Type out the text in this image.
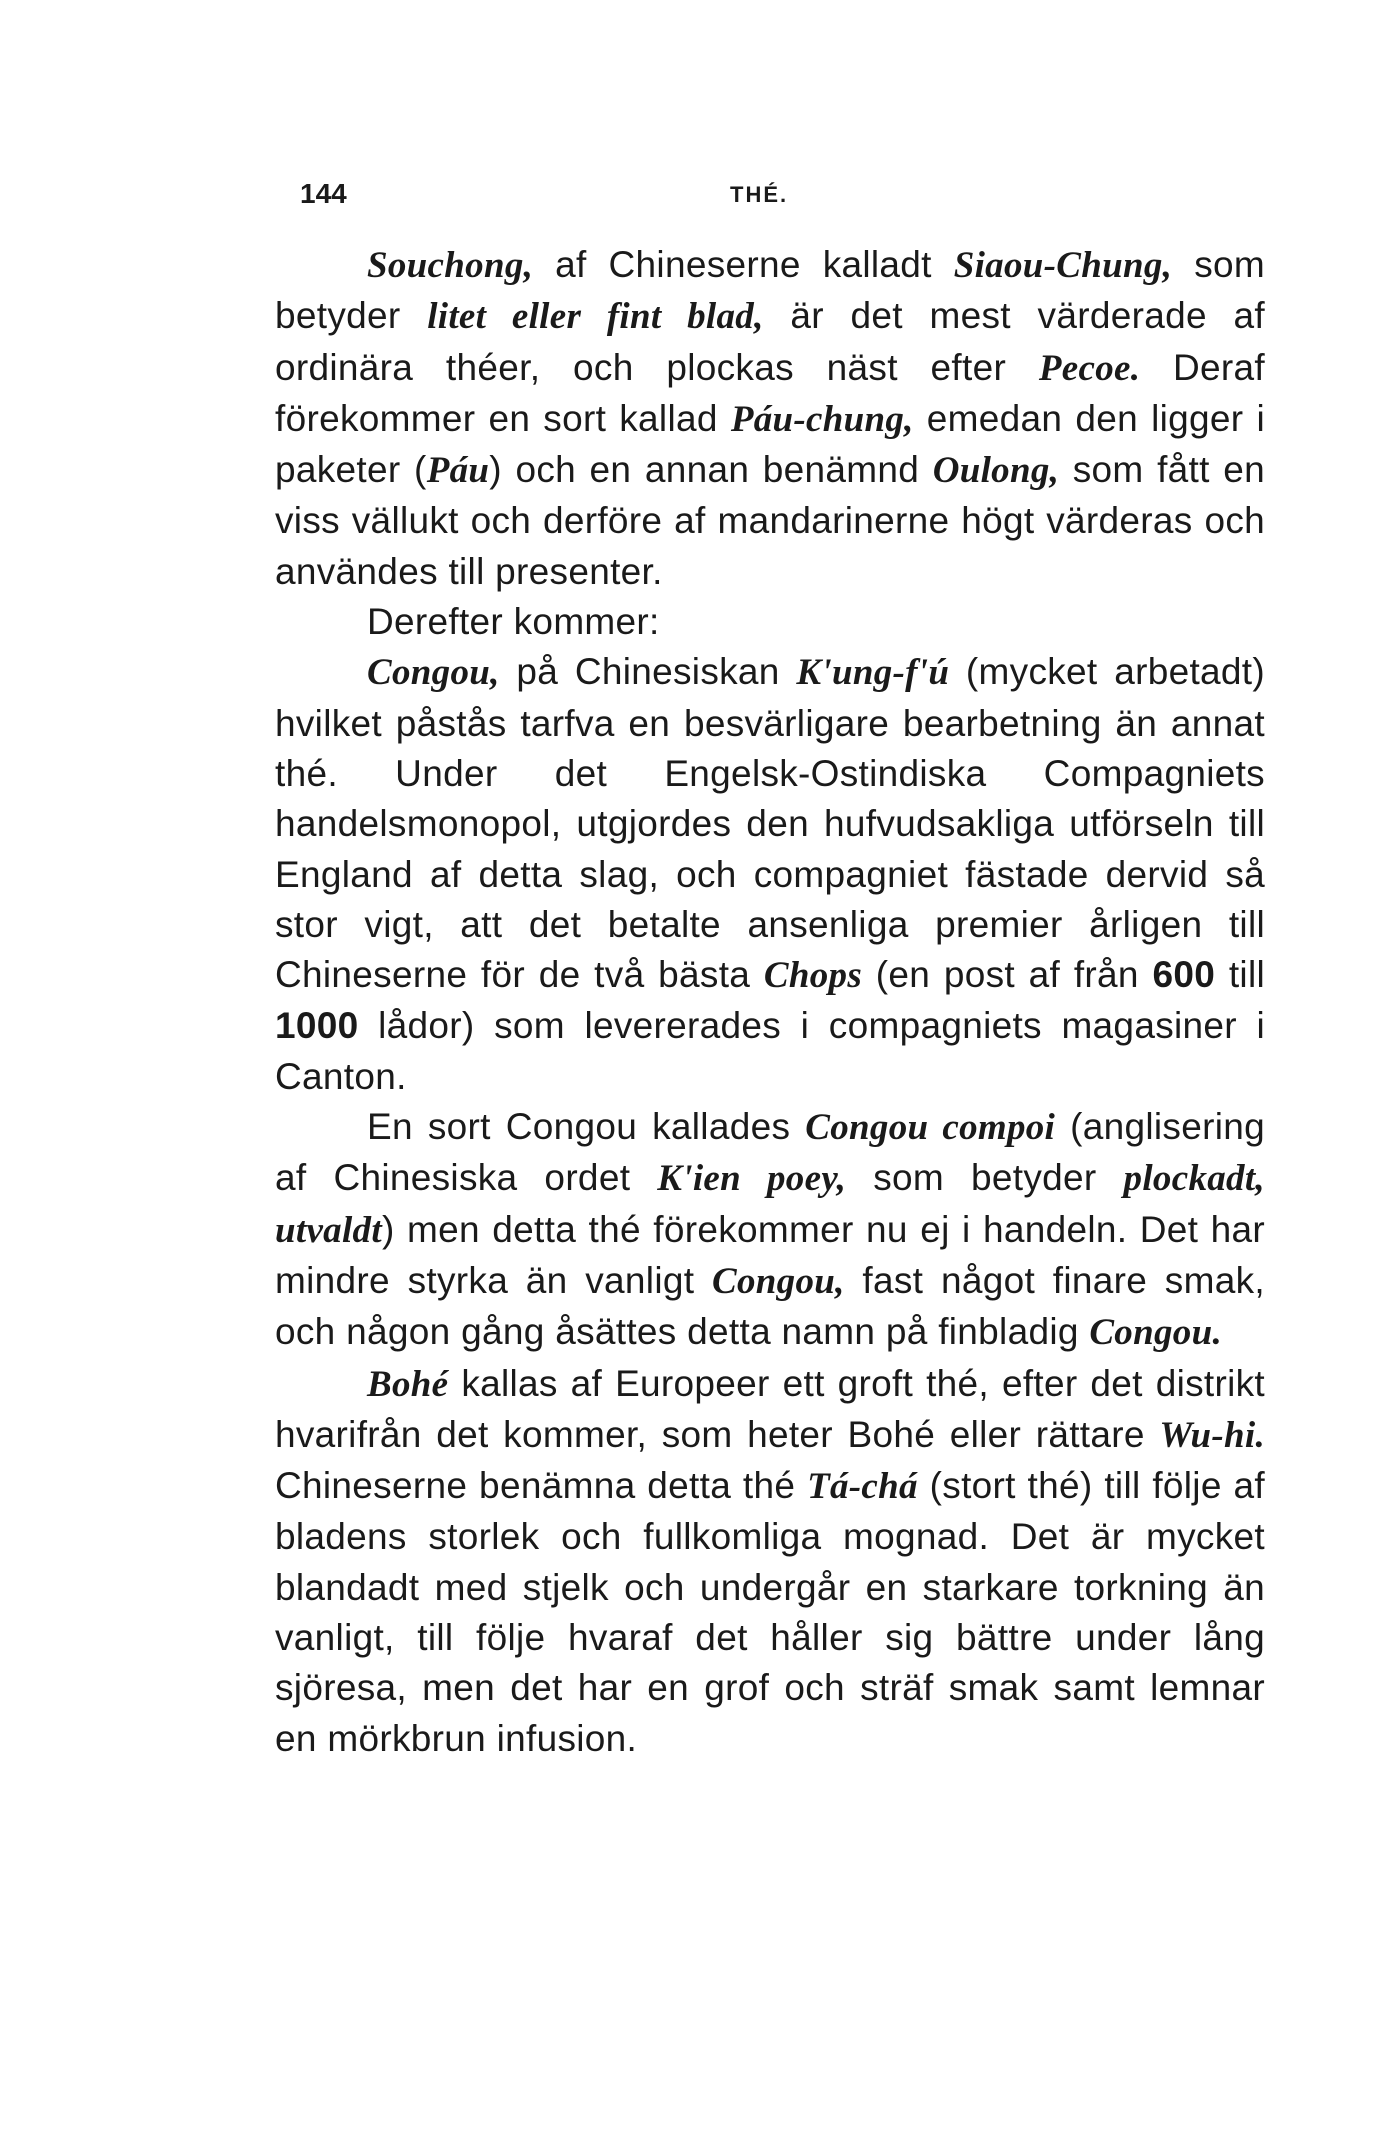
144	THÉ.

Souchong, af Chineserne kalladt Siaou-Chung, som betyder litet eller fint blad, är det mest värderade af ordinära théer, och plockas näst efter Pecoe. Deraf förekommer en sort kallad Páu-chung, emedan den ligger i paketer (Páu) och en annan benämnd Oulong, som fått en viss vällukt och derföre af mandarinerne högt värderas och användes till presenter.

Derefter kommer:

Congou, på Chinesiskan K'ung-f'ú (mycket arbetadt) hvilket påstås tarfva en besvärligare bearbetning än annat thé. Under det Engelsk-Ostindiska Compagniets handelsmonopol, utgjordes den hufvudsakliga utförseln till England af detta slag, och compagniet fästade dervid så stor vigt, att det betalte ansenliga premier årligen till Chineserne för de två bästa Chops (en post af från 600 till 1000 lådor) som levererades i compagniets magasiner i Canton.

En sort Congou kallades Congou compoi (anglisering af Chinesiska ordet K'ien poey, som betyder plockadt, utvaldt) men detta thé förekommer nu ej i handeln. Det har mindre styrka än vanligt Congou, fast något finare smak, och någon gång åsättes detta namn på finbladig Congou.

Bohé kallas af Europeer ett groft thé, efter det distrikt hvarifrån det kommer, som heter Bohé eller rättare Wu-hi. Chineserne benämna detta thé Tá-chá (stort thé) till följe af bladens storlek och fullkomliga mognad. Det är mycket blandadt med stjelk och undergår en starkare torkning än vanligt, till följe hvaraf det håller sig bättre under lång sjöresa, men det har en grof och sträf smak samt lemnar en mörkbrun infusion.
